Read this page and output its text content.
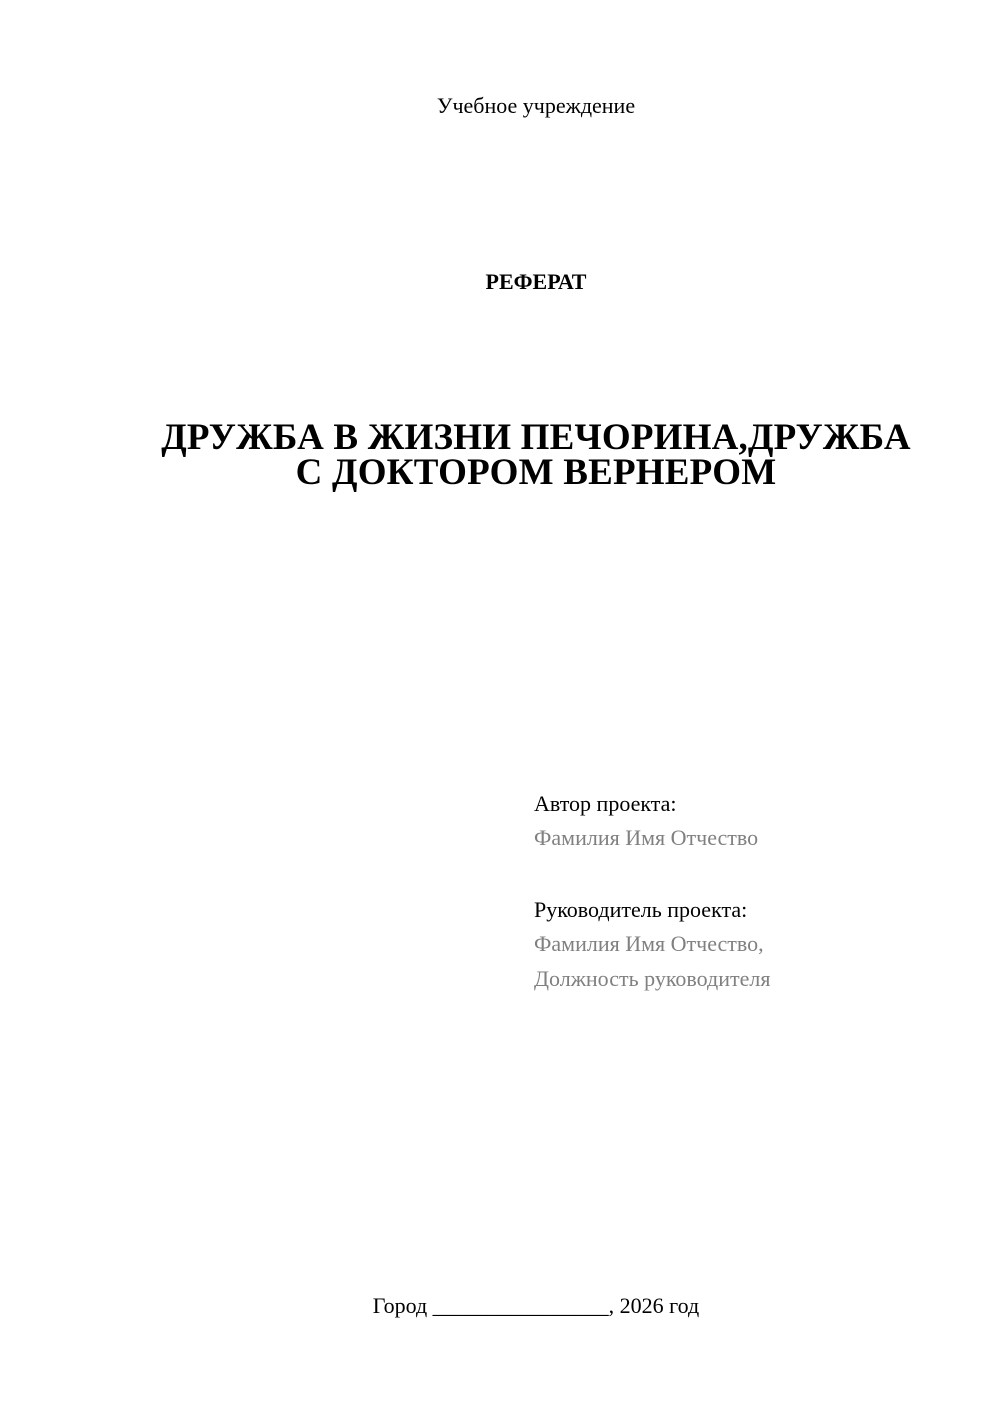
Учебное учреждение
РЕФЕРАТ
ДРУЖБА В ЖИЗНИ ПЕЧОРИНА,ДРУЖБА С ДОКТОРОМ ВЕРНЕРОМ
Автор проекта:
Фамилия Имя Отчество
Руководитель проекта:
Фамилия Имя Отчество,
Должность руководителя
Город ________________, 2026 год
